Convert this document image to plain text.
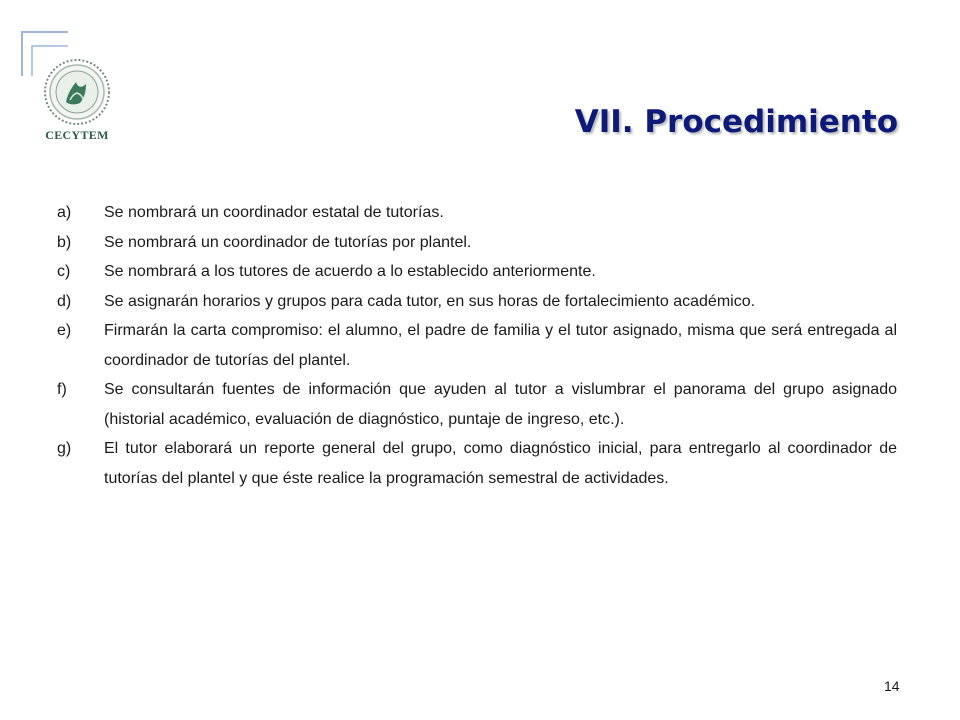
CECYTEM	VII. Procedimiento
a)	Se nombrará un coordinador estatal de tutorías.
b)	Se nombrará un coordinador de tutorías por plantel.
c)	Se nombrará a los tutores de acuerdo a lo establecido anteriormente.
d)	Se asignarán horarios y grupos para cada tutor, en sus horas de fortalecimiento académico.
e)	Firmarán la carta compromiso: el alumno, el padre de familia y el tutor asignado, misma que será entregada al coordinador de tutorías del plantel.
f)	Se consultarán fuentes de información que ayuden al tutor a vislumbrar el panorama del grupo asignado (historial académico, evaluación de diagnóstico, puntaje de ingreso, etc.).
g)	El tutor elaborará un reporte general del grupo, como diagnóstico inicial, para entregarlo al coordinador de tutorías del plantel y que éste realice la programación semestral de actividades.
14
